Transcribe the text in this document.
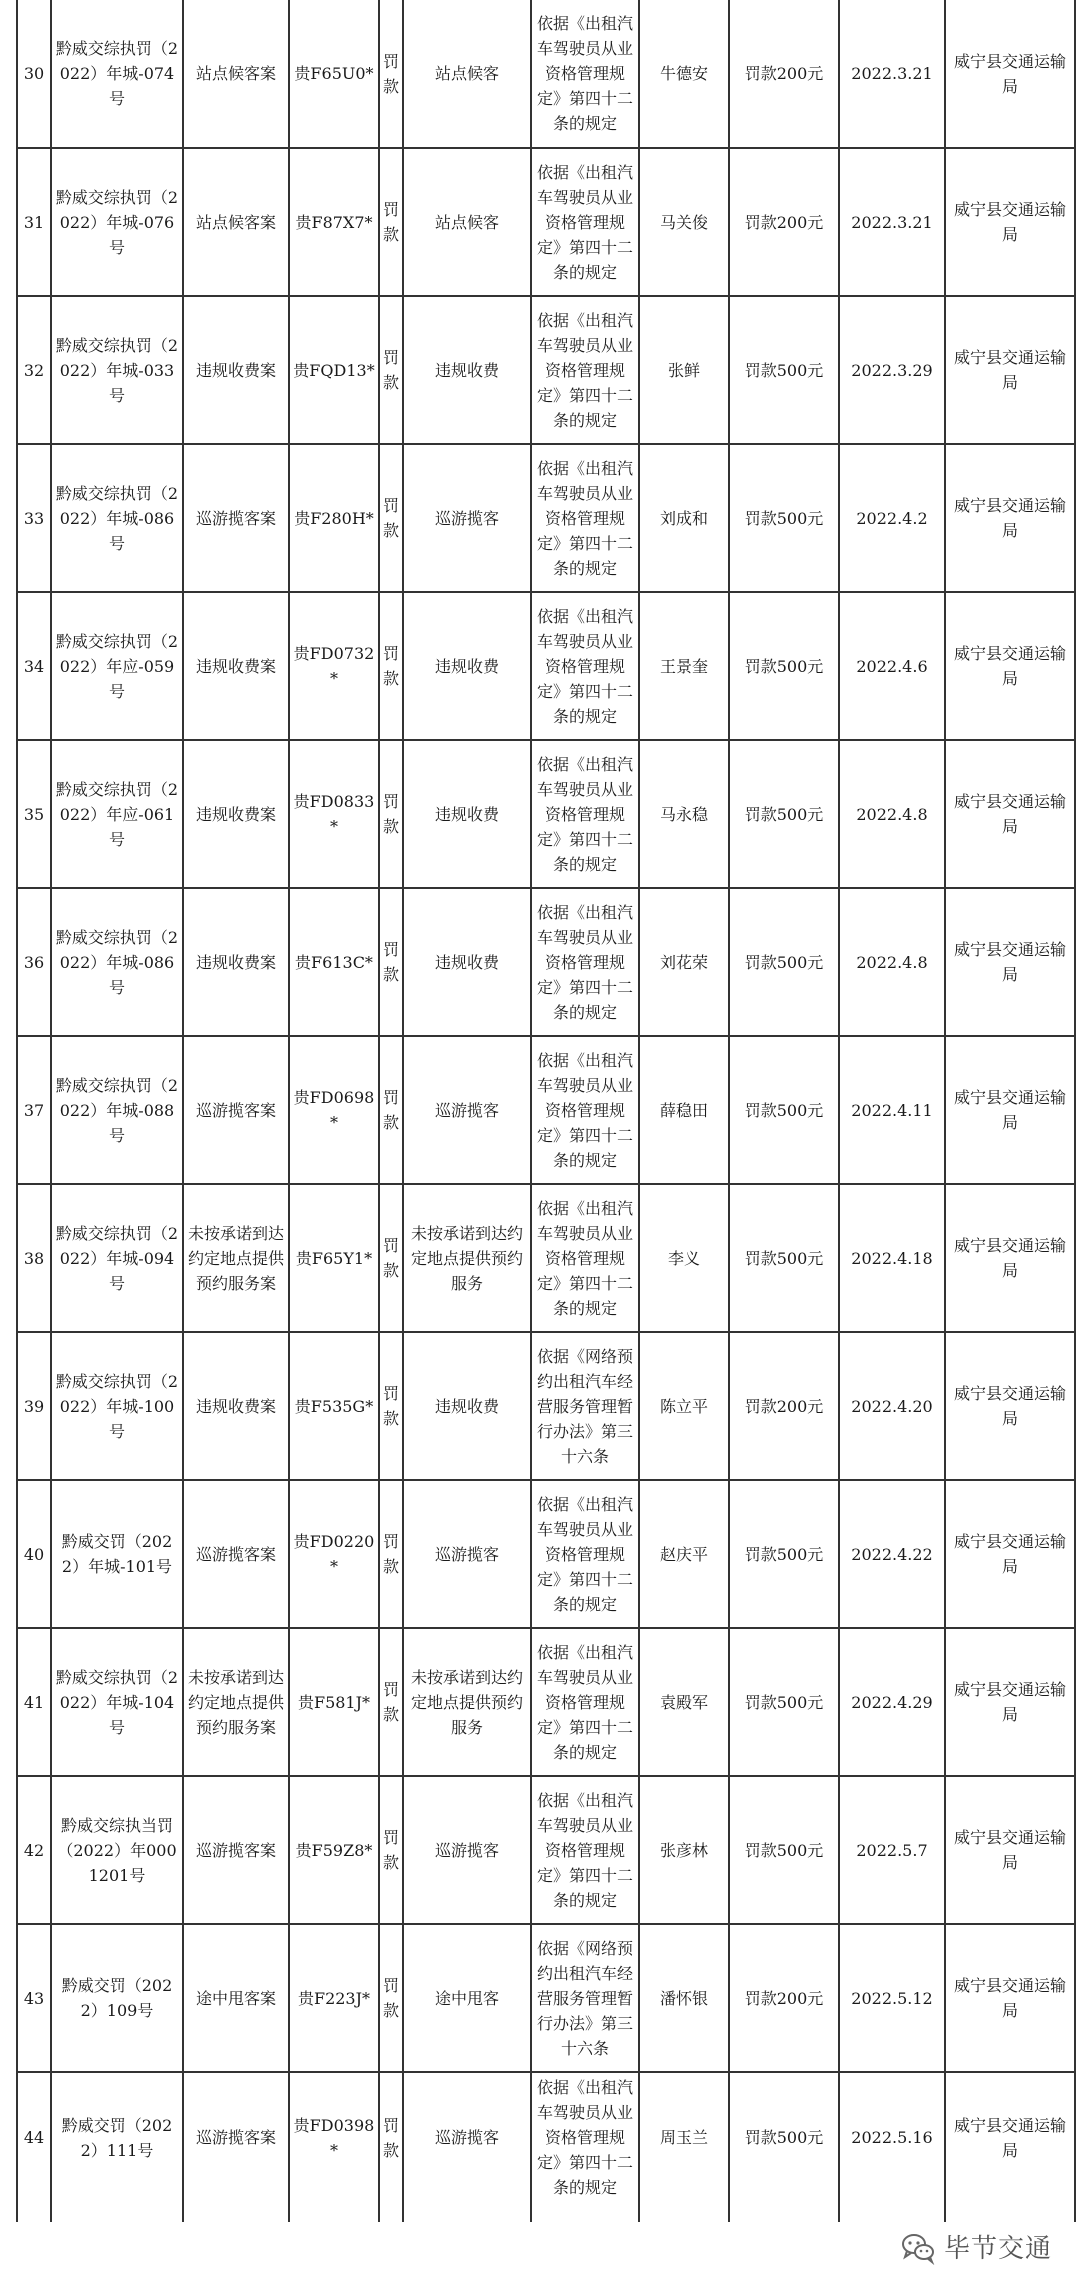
30	黔威交综执罚（2022）年城-074号	站点候客案	贵F65U0*	罚款	站点候客	依据《出租汽车驾驶员从业资格管理规定》第四十二条的规定	牛德安	罚款200元	2022.3.21	威宁县交通运输局
31	黔威交综执罚（2022）年城-076号	站点候客案	贵F87X7*	罚款	站点候客	依据《出租汽车驾驶员从业资格管理规定》第四十二条的规定	马关俊	罚款200元	2022.3.21	威宁县交通运输局
32	黔威交综执罚（2022）年城-033号	违规收费案	贵FQD13*	罚款	违规收费	依据《出租汽车驾驶员从业资格管理规定》第四十二条的规定	张鲜	罚款500元	2022.3.29	威宁县交通运输局
33	黔威交综执罚（2022）年城-086号	巡游揽客案	贵F280H*	罚款	巡游揽客	依据《出租汽车驾驶员从业资格管理规定》第四十二条的规定	刘成和	罚款500元	2022.4.2	威宁县交通运输局
34	黔威交综执罚（2022）年应-059号	违规收费案	贵FD0732*	罚款	违规收费	依据《出租汽车驾驶员从业资格管理规定》第四十二条的规定	王景奎	罚款500元	2022.4.6	威宁县交通运输局
35	黔威交综执罚（2022）年应-061号	违规收费案	贵FD0833*	罚款	违规收费	依据《出租汽车驾驶员从业资格管理规定》第四十二条的规定	马永稳	罚款500元	2022.4.8	威宁县交通运输局
36	黔威交综执罚（2022）年城-086号	违规收费案	贵F613C*	罚款	违规收费	依据《出租汽车驾驶员从业资格管理规定》第四十二条的规定	刘花荣	罚款500元	2022.4.8	威宁县交通运输局
37	黔威交综执罚（2022）年城-088号	巡游揽客案	贵FD0698*	罚款	巡游揽客	依据《出租汽车驾驶员从业资格管理规定》第四十二条的规定	薛稳田	罚款500元	2022.4.11	威宁县交通运输局
38	黔威交综执罚（2022）年城-094号	未按承诺到达约定地点提供预约服务案	贵F65Y1*	罚款	未按承诺到达约定地点提供预约服务	依据《出租汽车驾驶员从业资格管理规定》第四十二条的规定	李义	罚款500元	2022.4.18	威宁县交通运输局
39	黔威交综执罚（2022）年城-100号	违规收费案	贵F535G*	罚款	违规收费	依据《网络预约出租汽车经营服务管理暂行办法》第三十六条	陈立平	罚款200元	2022.4.20	威宁县交通运输局
40	黔威交罚（2022）年城-101号	巡游揽客案	贵FD0220*	罚款	巡游揽客	依据《出租汽车驾驶员从业资格管理规定》第四十二条的规定	赵庆平	罚款500元	2022.4.22	威宁县交通运输局
41	黔威交综执罚（2022）年城-104号	未按承诺到达约定地点提供预约服务案	贵F581J*	罚款	未按承诺到达约定地点提供预约服务	依据《出租汽车驾驶员从业资格管理规定》第四十二条的规定	袁殿军	罚款500元	2022.4.29	威宁县交通运输局
42	黔威交综执当罚（2022）年0001201号	巡游揽客案	贵F59Z8*	罚款	巡游揽客	依据《出租汽车驾驶员从业资格管理规定》第四十二条的规定	张彦林	罚款500元	2022.5.7	威宁县交通运输局
43	黔威交罚（2022）109号	途中甩客案	贵F223J*	罚款	途中甩客	依据《网络预约出租汽车经营服务管理暂行办法》第三十六条	潘怀银	罚款200元	2022.5.12	威宁县交通运输局
44	黔威交罚（2022）111号	巡游揽客案	贵FD0398*	罚款	巡游揽客	依据《出租汽车驾驶员从业资格管理规定》第四十二条的规定	周玉兰	罚款500元	2022.5.16	威宁县交通运输局
毕节交通
